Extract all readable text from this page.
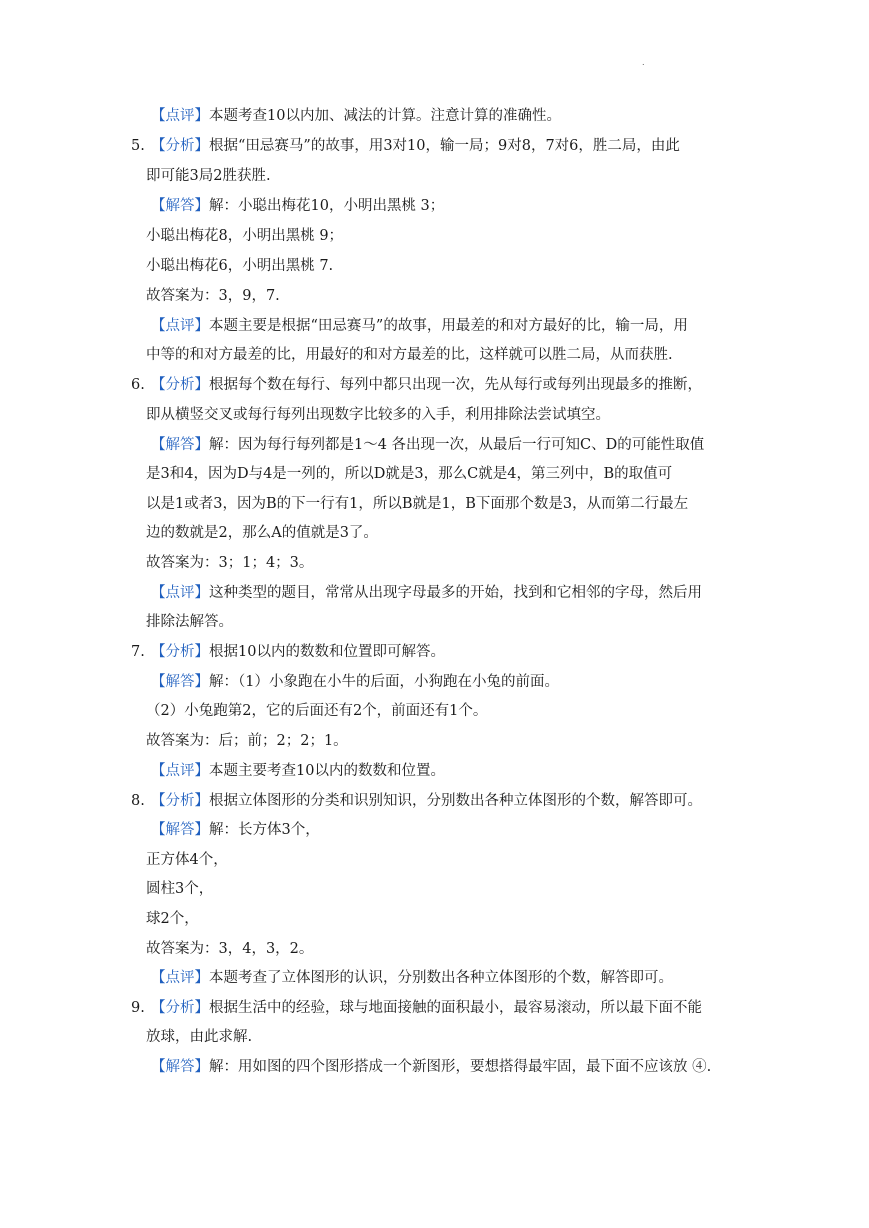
.
【点评】本题考查10以内加、减法的计算。注意计算的准确性。
5. 【分析】根据“田忌赛马”的故事，用3对10，输一局；9对8，7对6，胜二局，由此
即可能3局2胜获胜.
【解答】解：小聪出梅花10，小明出黑桃 3；
小聪出梅花8，小明出黑桃 9；
小聪出梅花6，小明出黑桃 7.
故答案为：3，9，7.
【点评】本题主要是根据“田忌赛马”的故事，用最差的和对方最好的比，输一局，用
中等的和对方最差的比，用最好的和对方最差的比，这样就可以胜二局，从而获胜.
6. 【分析】根据每个数在每行、每列中都只出现一次，先从每行或每列出现最多的推断，
即从横竖交叉或每行每列出现数字比较多的入手，利用排除法尝试填空。
【解答】解：因为每行每列都是1～4 各出现一次，从最后一行可知C、D的可能性取值
是3和4，因为D与4是一列的，所以D就是3，那么C就是4，第三列中，B的取值可
以是1或者3，因为B的下一行有1，所以B就是1，B下面那个数是3，从而第二行最左
边的数就是2，那么A的值就是3了。
故答案为：3；1；4；3。
【点评】这种类型的题目，常常从出现字母最多的开始，找到和它相邻的字母，然后用
排除法解答。
7. 【分析】根据10以内的数数和位置即可解答。
【解答】解：（1）小象跑在小牛的后面，小狗跑在小兔的前面。
（2）小兔跑第2，它的后面还有2个，前面还有1个。
故答案为：后；前；2；2；1。
【点评】本题主要考查10以内的数数和位置。
8. 【分析】根据立体图形的分类和识别知识，分别数出各种立体图形的个数，解答即可。
【解答】解：长方体3个，
正方体4个，
圆柱3个，
球2个，
故答案为：3，4，3，2。
【点评】本题考查了立体图形的认识，分别数出各种立体图形的个数，解答即可。
9. 【分析】根据生活中的经验，球与地面接触的面积最小，最容易滚动，所以最下面不能
放球，由此求解.
【解答】解：用如图的四个图形搭成一个新图形，要想搭得最牢固，最下面不应该放 ④.
